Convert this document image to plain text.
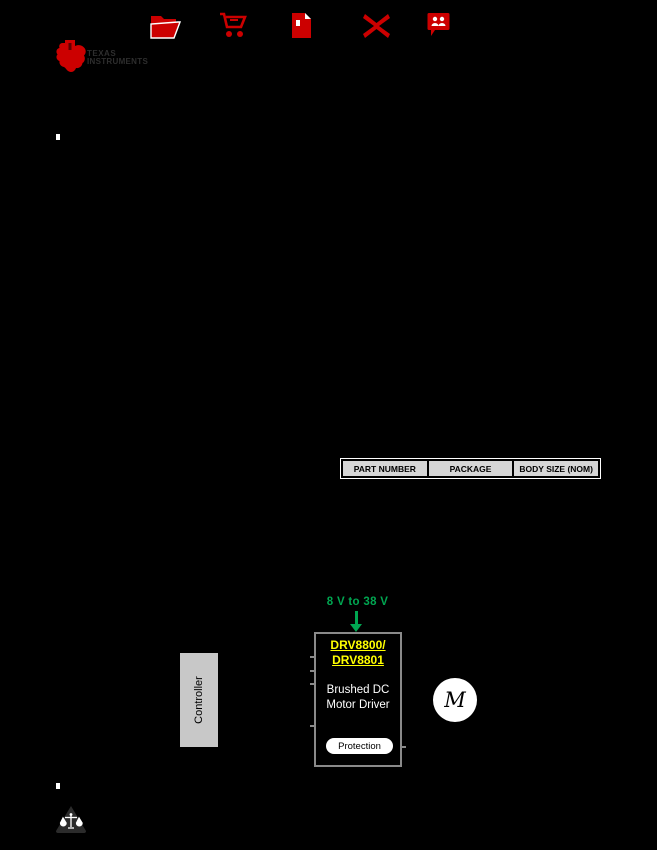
TEXAS
INSTRUMENTS
PART NUMBER	PACKAGE	BODY SIZE (NOM)
8 V to 38 V
Controller
DRV8800/
DRV8801
Brushed DC
Motor Driver
Protection
M
